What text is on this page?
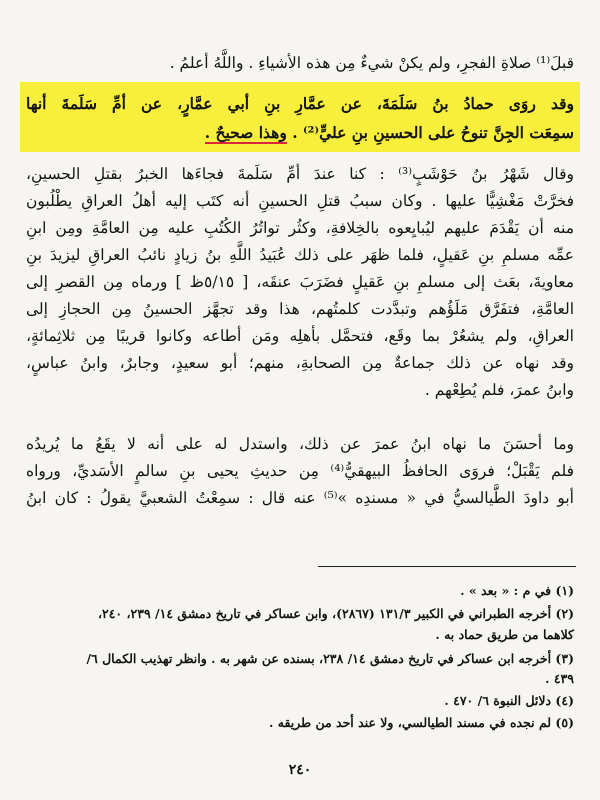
قبلَ⁽¹⁾ صلاةِ الفجرِ، ولم يكنْ شيءٌ مِن هذه الأشياءِ . واللَّهُ أعلمُ .
وقد روَى حمادُ بنُ سَلَمَةَ، عن عمَّارِ بنِ أبي عمَّارٍ، عن أمِّ سَلَمةَ أنها
سمِعَت الجِنَّ تنوحُ على الحسينِ بنِ عليٍّ⁽²⁾ . وهذا صحيحٌ .
وقال شَهْرُ بنُ حَوْشَبٍ⁽³⁾ : كنا عندَ أمِّ سَلَمةَ فجاءَها الخبرُ بقتلِ الحسينِ،
فخرَّتْ مَغْشِيًّا عليها . وكان سببُ قتلِ الحسينِ أنه كتَب إليه أهلُ العراقِ يطْلُبون
منه أن يَقْدَمَ عليهم ليُبايِعوه بالخِلافةِ، وكثُر تواتُرُ الكُتُبِ عليه مِن العامَّةِ ومِن ابنِ
عمِّه مسلمِ بنِ عَقيلٍ، فلما ظهَر على ذلك عُبَيدُ اللَّهِ بنُ زيادٍ نائبُ العراقِ ليزيدَ بنِ
معاويةَ، بعَث إلى مسلمِ بنِ عَقيلٍ فضَرَبَ عنقَه، [ ٥/١٥ظ ] ورماه مِن القصرِ إلى
العامَّةِ، فتفَرَّق مَلَؤُهم وتبدَّدت كلمتُهم، هذا وقد تجهَّز الحسينُ مِن الحجازِ إلى
العراقِ، ولم يشعُرْ بما وقَع، فتحمَّل بأهلِه ومَن أطاعه وكانوا قريبًا مِن ثلاثِمائةٍ،
وقد نهاه عن ذلك جماعةٌ مِن الصحابةِ، منهم؛ أبو سعيدٍ، وجابرٌ، وابنُ عباسٍ،
وابنُ عمرَ، فلم يُطِعْهم .
وما أحسَنَ ما نهاه ابنُ عمرَ عن ذلك، واستدل له على أنه لا يقَعُ ما يُريدُه
فلم يَقْبَلْ؛ فروَى الحافظُ البيهقيُّ⁽⁴⁾ مِن حديثِ يحيى بنِ سالمٍ الأسَديِّ، ورواه
أبو داودَ الطَّيالسيُّ في « مسندِه »⁽⁵⁾ عنه قال : سمِعْتُ الشعبيَّ يقولُ : كان ابنُ
(١) في م : « بعد » .
(٢) أخرجه الطبراني في الكبير ١٣١/٣ (٢٨٦٧)، وابن عساكر في تاريخ دمشق ١٤/ ٢٣٩، ٢٤٠،
كلاهما من طريق حماد به .
(٣) أخرجه ابن عساكر في تاريخ دمشق ١٤/ ٢٣٨، بسنده عن شهر به . وانظر تهذيب الكمال ٦/
٤٣٩ .
(٤) دلائل النبوة ٦/ ٤٧٠ .
(٥) لم نجده في مسند الطيالسي، ولا عند أحد من طريقه .
٢٤٠
